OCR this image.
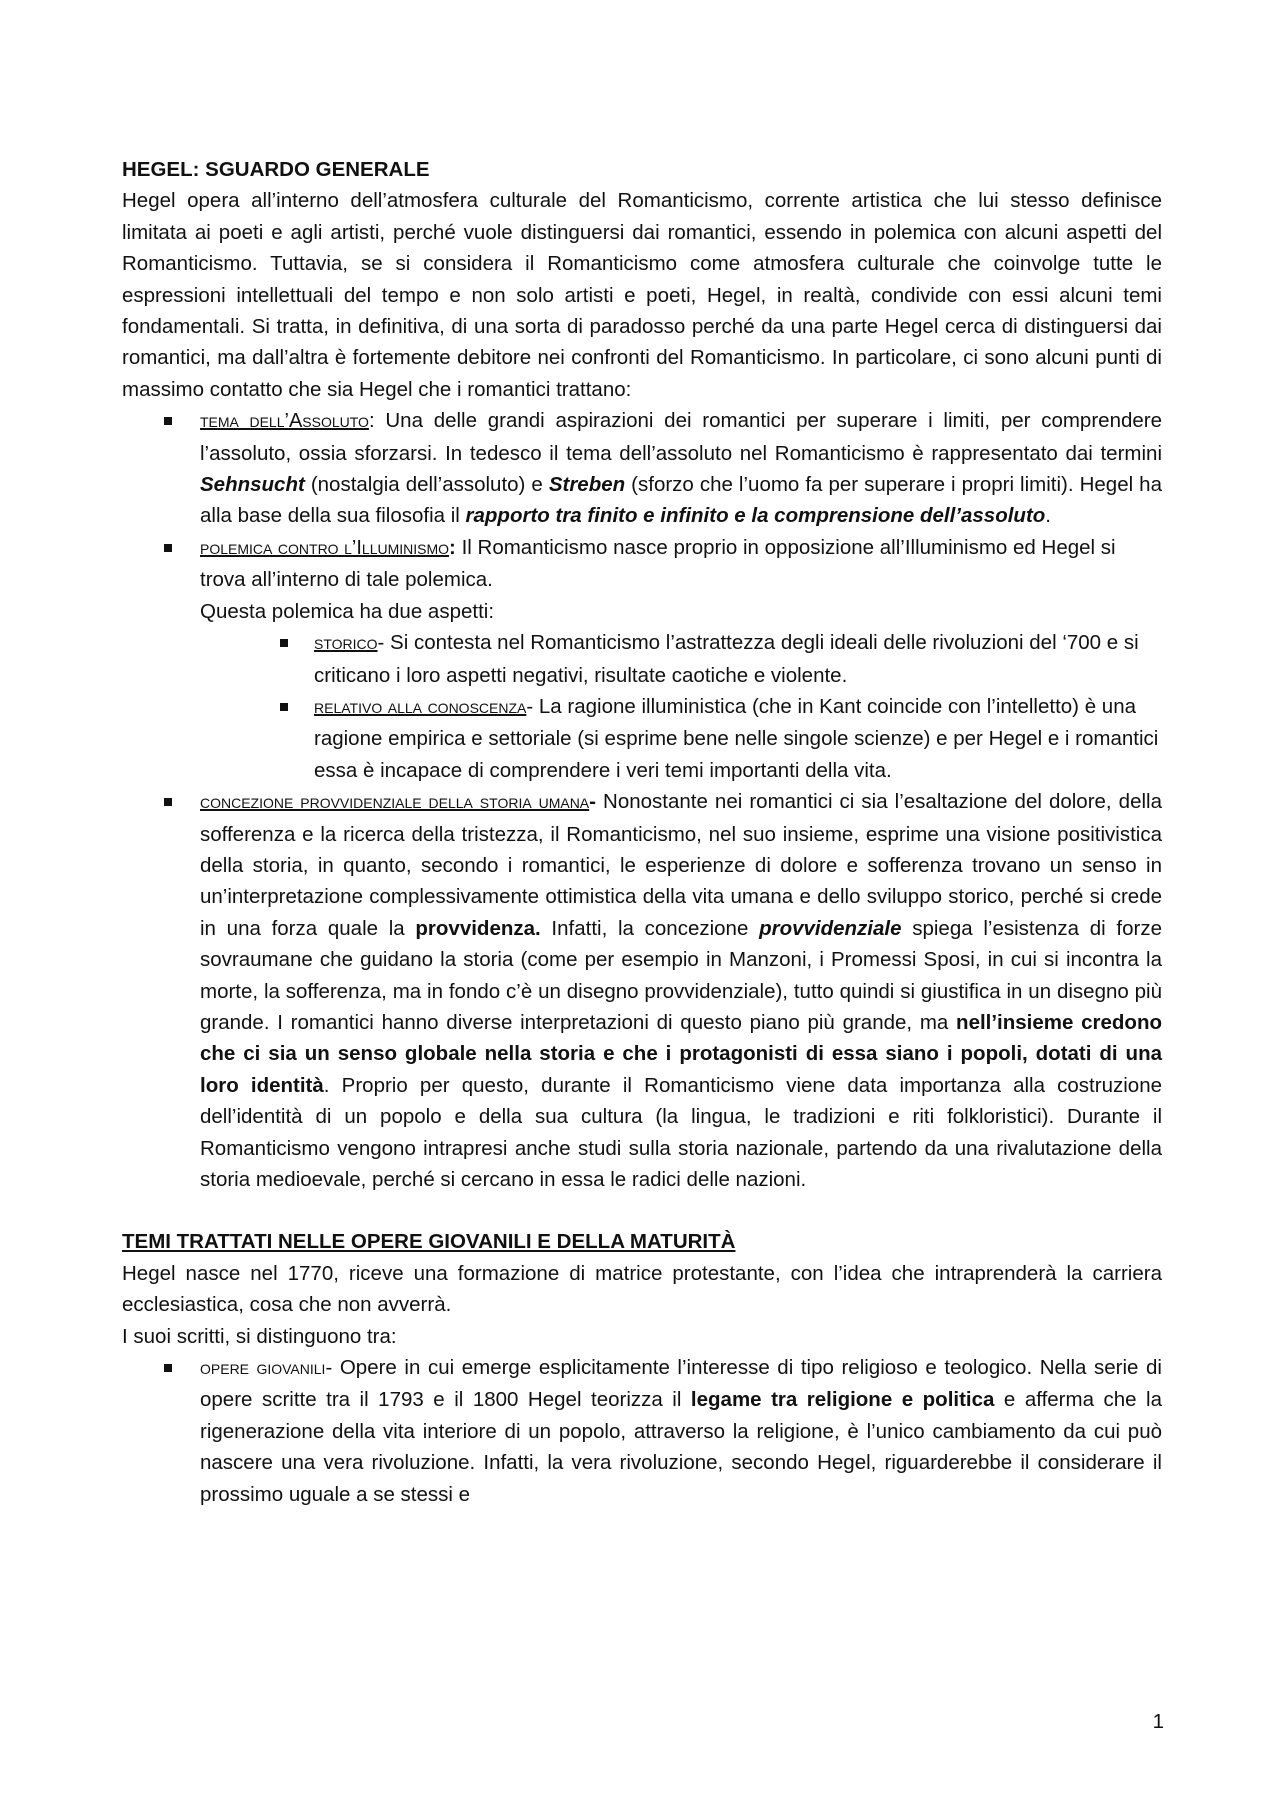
HEGEL: SGUARDO GENERALE

Hegel opera all’interno dell’atmosfera culturale del Romanticismo, corrente artistica che lui stesso definisce limitata ai poeti e agli artisti, perché vuole distinguersi dai romantici, essendo in polemica con alcuni aspetti del Romanticismo. Tuttavia, se si considera il Romanticismo come atmosfera culturale che coinvolge tutte le espressioni intellettuali del tempo e non solo artisti e poeti, Hegel, in realtà, condivide con essi alcuni temi fondamentali. Si tratta, in definitiva, di una sorta di paradosso perché da una parte Hegel cerca di distinguersi dai romantici, ma dall’altra è fortemente debitore nei confronti del Romanticismo. In particolare, ci sono alcuni punti di massimo contatto che sia Hegel che i romantici trattano:

tema dell’Assoluto: Una delle grandi aspirazioni dei romantici per superare i limiti, per comprendere l’assoluto, ossia sforzarsi. In tedesco il tema dell’assoluto nel Romanticismo è rappresentato dai termini Sehnsucht (nostalgia dell’assoluto) e Streben (sforzo che l’uomo fa per superare i propri limiti). Hegel ha alla base della sua filosofia il rapporto tra finito e infinito e la comprensione dell’assoluto.

polemica contro l’Illuminismo: Il Romanticismo nasce proprio in opposizione all’Illuminismo ed Hegel si trova all’interno di tale polemica.

Questa polemica ha due aspetti:

storico- Si contesta nel Romanticismo l’astrattezza degli ideali delle rivoluzioni del ‘700 e si criticano i loro aspetti negativi, risultate caotiche e violente.

relativo alla conoscenza- La ragione illuministica (che in Kant coincide con l’intelletto) è una ragione empirica e settoriale (si esprime bene nelle singole scienze) e per Hegel e i romantici essa è incapace di comprendere i veri temi importanti della vita.

concezione provvidenziale della storia umana- Nonostante nei romantici ci sia l’esaltazione del dolore, della sofferenza e la ricerca della tristezza, il Romanticismo, nel suo insieme, esprime una visione positivistica della storia, in quanto, secondo i romantici, le esperienze di dolore e sofferenza trovano un senso in un’interpretazione complessivamente ottimistica della vita umana e dello sviluppo storico, perché si crede in una forza quale la provvidenza. Infatti, la concezione provvidenziale spiega l’esistenza di forze sovraumane che guidano la storia (come per esempio in Manzoni, i Promessi Sposi, in cui si incontra la morte, la sofferenza, ma in fondo c’è un disegno provvidenziale), tutto quindi si giustifica in un disegno più grande. I romantici hanno diverse interpretazioni di questo piano più grande, ma nell’insieme credono che ci sia un senso globale nella storia e che i protagonisti di essa siano i popoli, dotati di una loro identità. Proprio per questo, durante il Romanticismo viene data importanza alla costruzione dell’identità di un popolo e della sua cultura (la lingua, le tradizioni e riti folkloristici). Durante il Romanticismo vengono intrapresi anche studi sulla storia nazionale, partendo da una rivalutazione della storia medioevale, perché si cercano in essa le radici delle nazioni.

TEMI TRATTATI NELLE OPERE GIOVANILI E DELLA MATURITÀ

Hegel nasce nel 1770, riceve una formazione di matrice protestante, con l’idea che intraprenderà la carriera ecclesiastica, cosa che non avverrà.

I suoi scritti, si distinguono tra:

opere giovanili- Opere in cui emerge esplicitamente l’interesse di tipo religioso e teologico. Nella serie di opere scritte tra il 1793 e il 1800 Hegel teorizza il legame tra religione e politica e afferma che la rigenerazione della vita interiore di un popolo, attraverso la religione, è l’unico cambiamento da cui può nascere una vera rivoluzione. Infatti, la vera rivoluzione, secondo Hegel, riguarderebbe il considerare il prossimo uguale a se stessi e

1
